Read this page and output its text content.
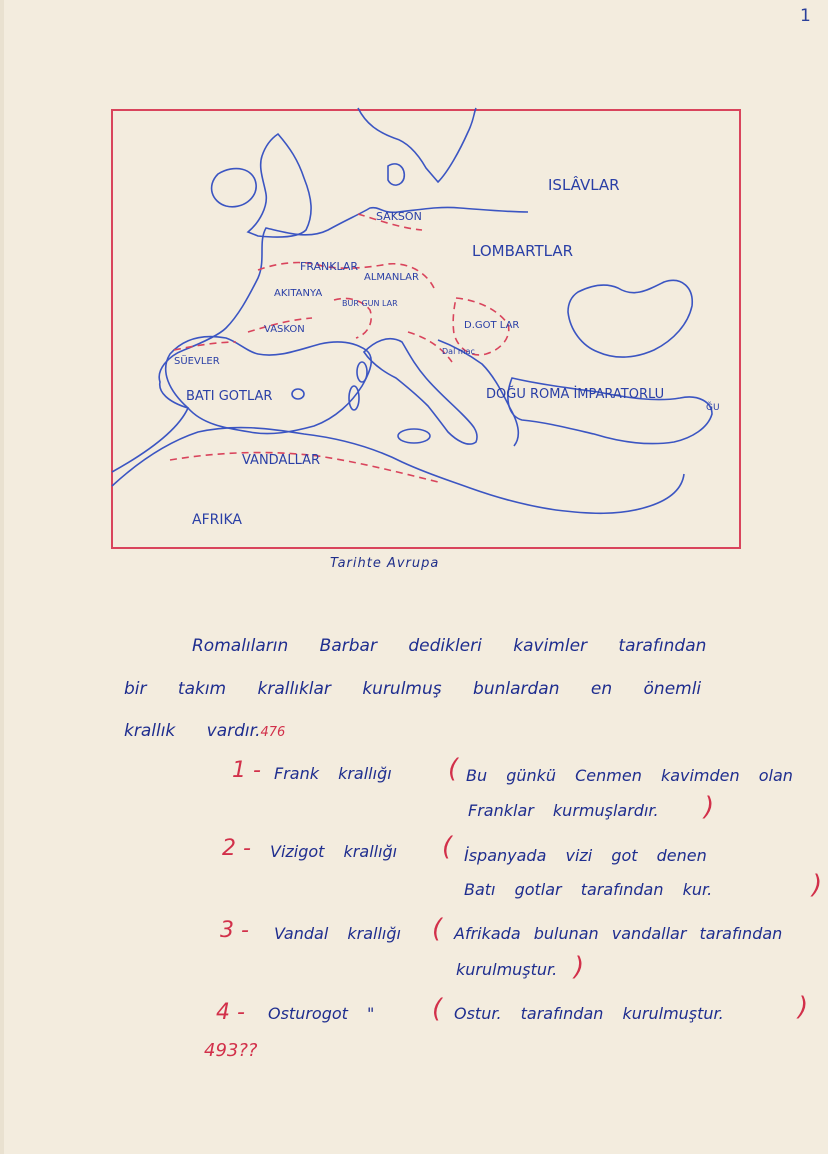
1
ISLÂVLAR
SAKSON
LOMBARTLAR
FRANKLAR
ALMANLAR
AKITANYA
BUR GUN LAR
VASKON	D.GOT LAR
Dal mac
SÜEVLER
BATI GOTLAR	DOĞU ROMA İMPARATORLU
ĞU
VANDALLAR
AFRIKA
Tarihte Avrupa
Romalıların Barbar dedikleri kavimler tarafından
bir takım krallıklar kurulmuş bunlardan en önemli
krallık vardır.476
1 - Frank krallığı ( Bu günkü Cenmen kavimden olan
Franklar kurmuşlardır. )
2 - Vizigot krallığı ( İspanyada vizi got denen
Batı gotlar tarafından kur.	)
3 - Vandal krallığı ( Afrikada bulunan vandallar tarafından
kurulmuştur. )
4 - Osturogot " ( Ostur. tarafından kurulmuştur.	)
493??
